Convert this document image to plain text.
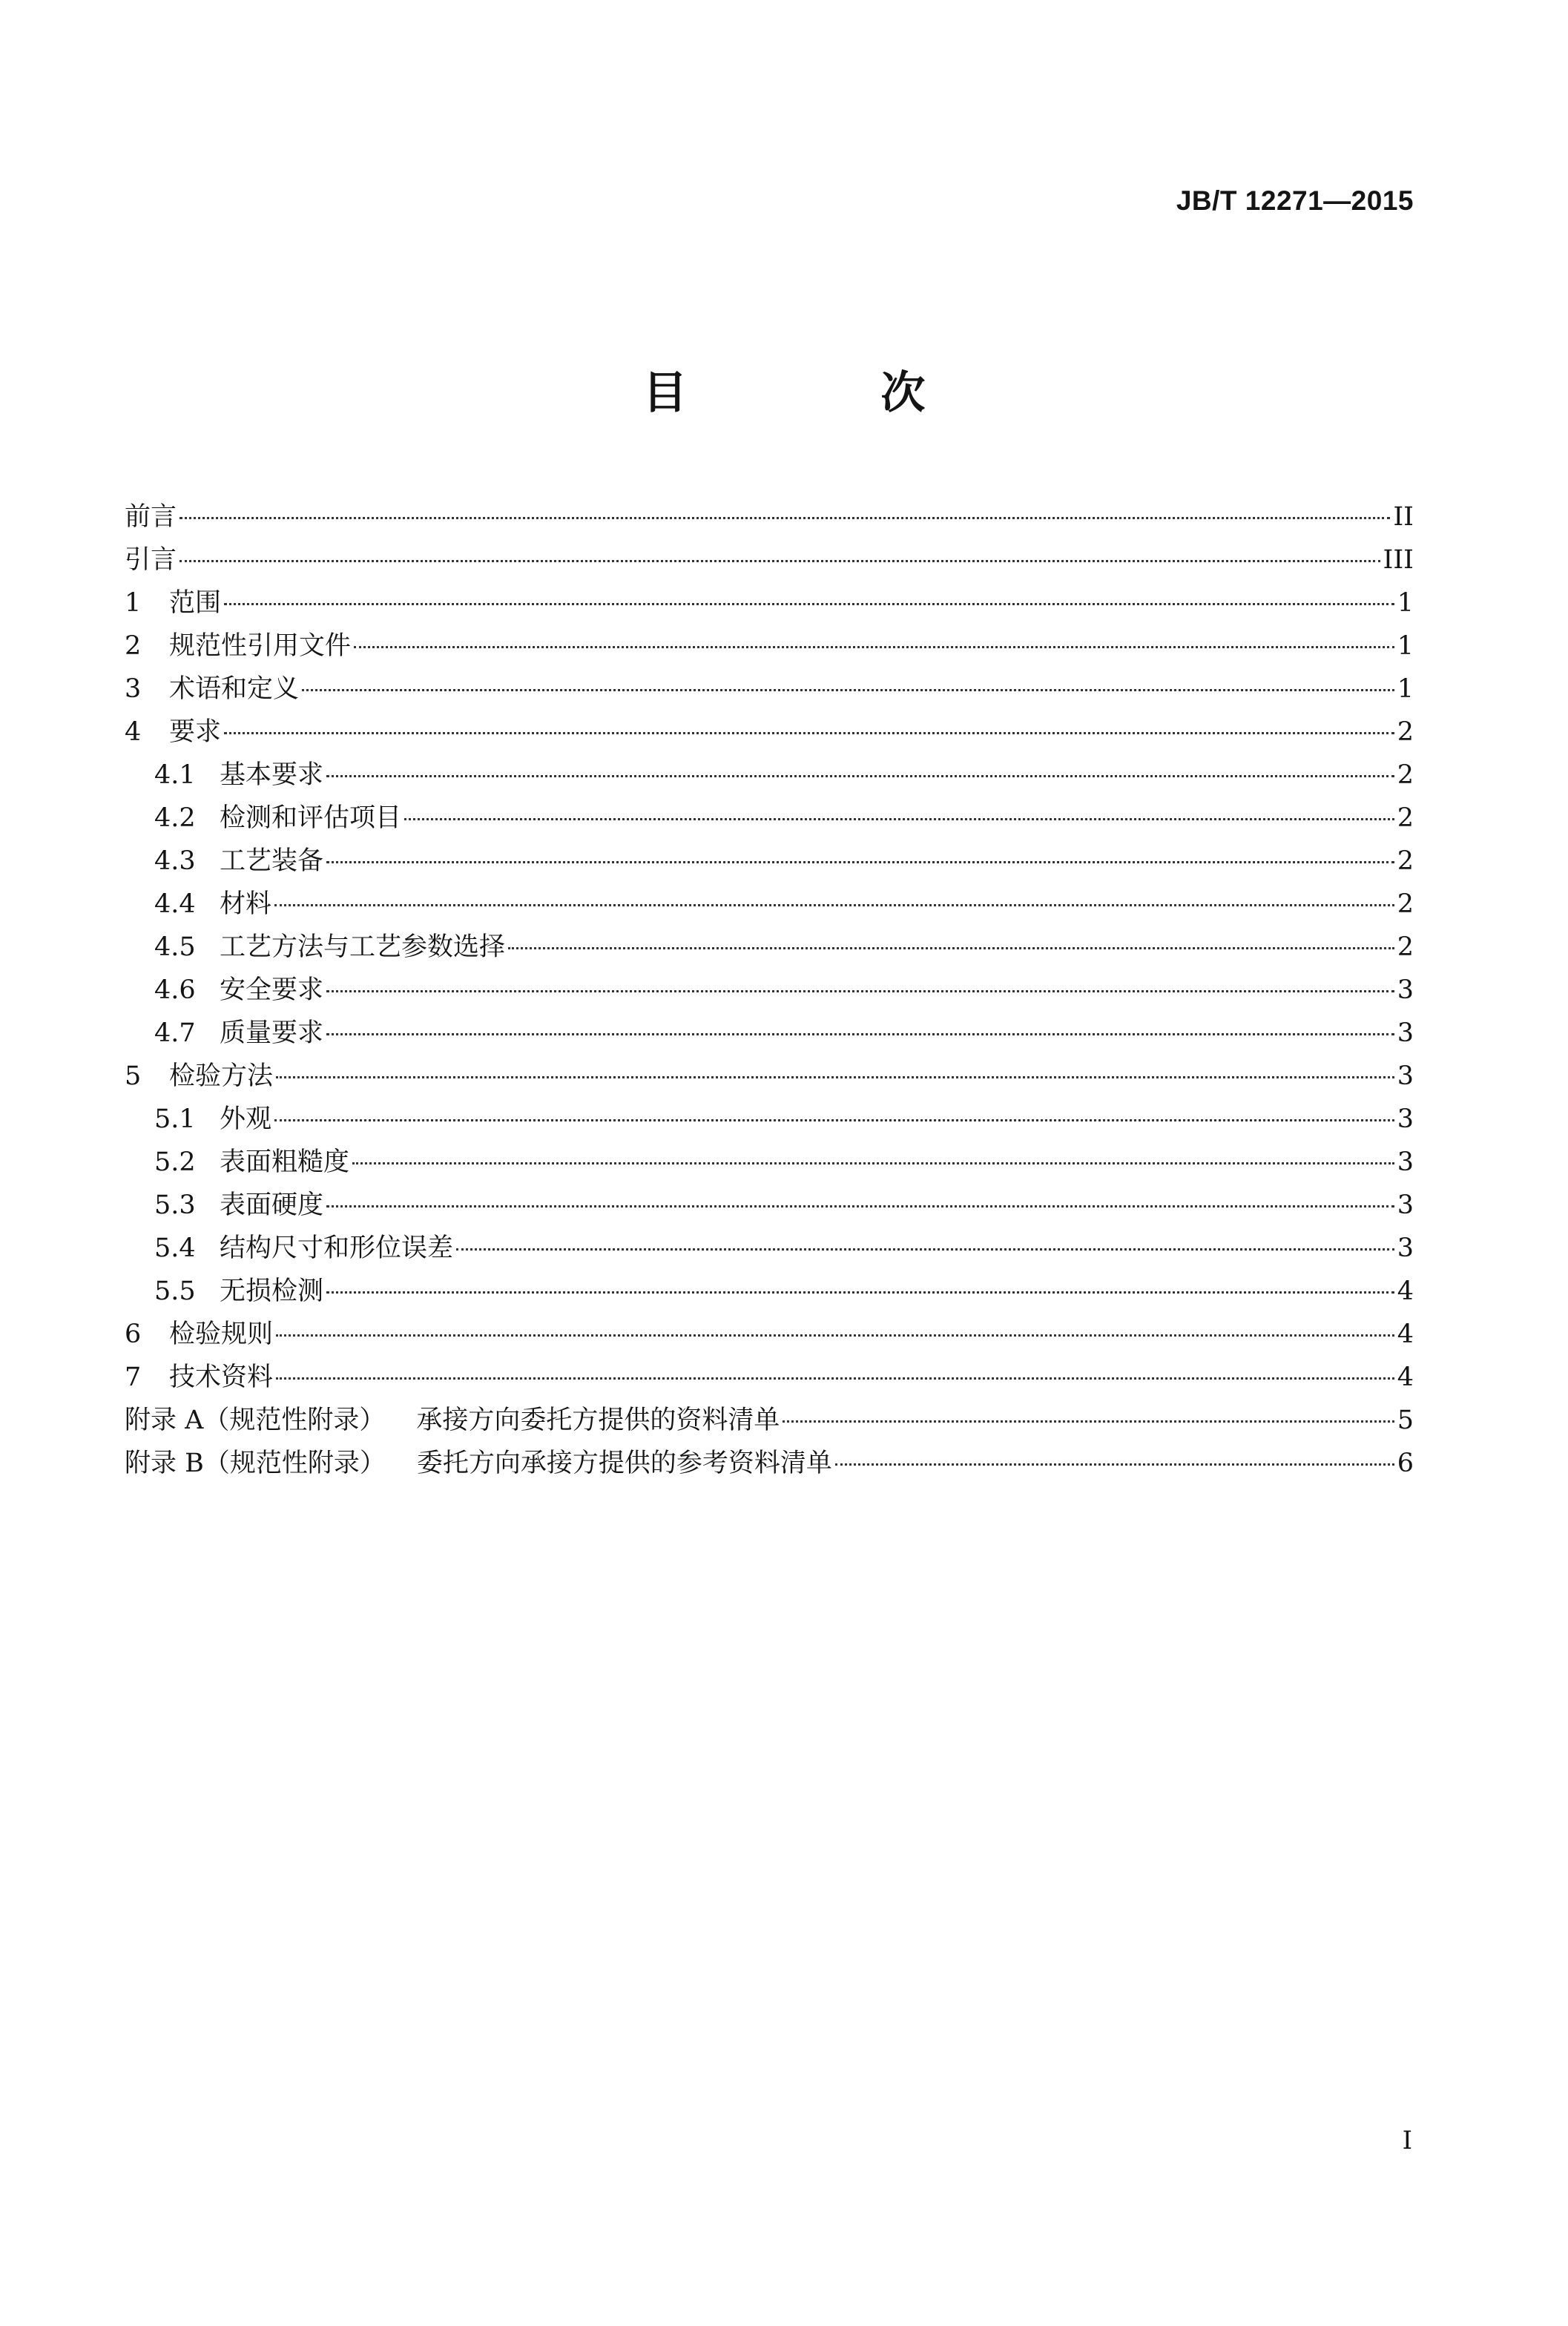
JB/T 12271—2015
目 次
前言	II
引言	III
1	范围	1
2	规范性引用文件	1
3	术语和定义	1
4	要求	2
4.1 基本要求	2
4.2 检测和评估项目	2
4.3 工艺装备	2
4.4 材料	2
4.5 工艺方法与工艺参数选择	2
4.6 安全要求	3
4.7 质量要求	3
5	检验方法	3
5.1 外观	3
5.2 表面粗糙度	3
5.3 表面硬度	3
5.4 结构尺寸和形位误差	3
5.5 无损检测	4
6	检验规则	4
7	技术资料	4
附录 A（规范性附录） 承接方向委托方提供的资料清单	5
附录 B（规范性附录） 委托方向承接方提供的参考资料清单	6
I
